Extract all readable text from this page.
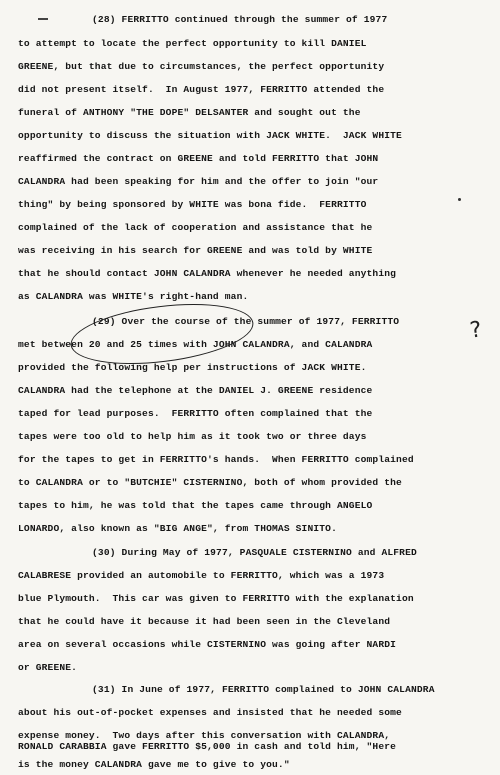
(28) FERRITTO continued through the summer of 1977
to attempt to locate the perfect opportunity to kill DANIEL
GREENE, but that due to circumstances, the perfect opportunity
did not present itself.  In August 1977, FERRITTO attended the
funeral of ANTHONY "THE DOPE" DELSANTER and sought out the
opportunity to discuss the situation with JACK WHITE.  JACK WHITE
reaffirmed the contract on GREENE and told FERRITTO that JOHN
CALANDRA had been speaking for him and the offer to join "our
thing" by being sponsored by WHITE was bona fide.  FERRITTO
complained of the lack of cooperation and assistance that he
was receiving in his search for GREENE and was told by WHITE
that he should contact JOHN CALANDRA whenever he needed anything
as CALANDRA was WHITE's right-hand man.
(29) Over the course of the summer of 1977, FERRITTO
met between 20 and 25 times with JOHN CALANDRA, and CALANDRA
provided the following help per instructions of JACK WHITE.
CALANDRA had the telephone at the DANIEL J. GREENE residence
taped for lead purposes.  FERRITTO often complained that the
tapes were too old to help him as it took two or three days
for the tapes to get in FERRITTO's hands.  When FERRITTO complained
to CALANDRA or to "BUTCHIE" CISTERNINO, both of whom provided the
tapes to him, he was told that the tapes came through ANGELO
LONARDO, also known as "BIG ANGE", from THOMAS SINITO.
(30) During May of 1977, PASQUALE CISTERNINO and ALFRED
CALABRESE provided an automobile to FERRITTO, which was a 1973
blue Plymouth.  This car was given to FERRITTO with the explanation
that he could have it because it had been seen in the Cleveland
area on several occasions while CISTERNINO was going after NARDI
or GREENE.
(31) In June of 1977, FERRITTO complained to JOHN CALANDRA
about his out-of-pocket expenses and insisted that he needed some
expense money.  Two days after this conversation with CALANDRA,
RONALD CARABBIA gave FERRITTO $5,000 in cash and told him, "Here
is the money CALANDRA gave me to give to you."
?
